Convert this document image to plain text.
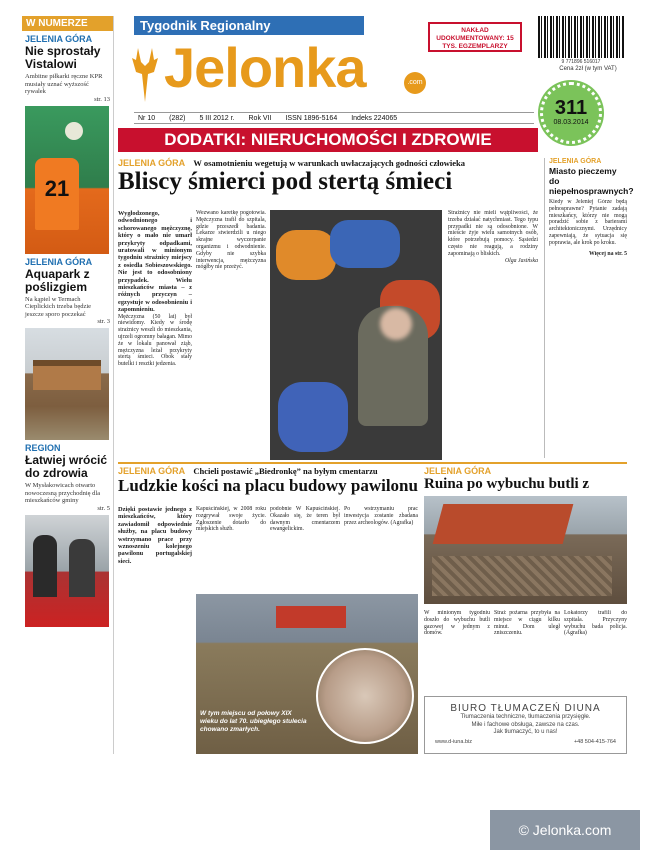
W NUMERZE
JELENIA GÓRA
Nie sprostały Vistalowi
Ambitne piłkarki ręczne KPR musiały uznać wyższość rywalek
str. 13
21
JELENIA GÓRA
Aquapark z poślizgiem
Na kąpiel w Termach Cieplickich trzeba będzie jeszcze sporo poczekać
str. 3
REGION
Łatwiej wrócić do zdrowia
W Mysłakowicach otwarto nowoczesną przychodnię dla mieszkańców gminy
str. 5
Tygodnik Regionalny
Jelonka	.com
NAKŁAD UDOKUMENTOWANY: 15 TYS. EGZEMPLARZY
9 771896 516017
Cena 2zł (w tym VAT)
311
08.03.2014
Nr 10 (282) 5 III 2012 r. Rok VII ISSN 1896-5164 Indeks 224065
DODATKI: NIERUCHOMOŚCI I ZDROWIE
JELENIA GÓRA W osamotnieniu wegetują w warunkach uwłaczających godności człowieka
Bliscy śmierci pod stertą śmieci

Wygłodzonego, odwodnionego i schorowanego mężczyznę, który o mało nie umarł przykryty odpadkami, uratowali w minionym tygodniu strażnicy miejscy z osiedla Sobieszowskiego. Nie jest to odosobniony przypadek. Wielu mieszkańców miasta – z różnych przyczyn – egzystuje w odosobnieniu i zapomnieniu.

Mężczyzna (50 lat) był niewidomy. Kiedy w środę strażnicy weszli do mieszkania, ujrzeli ogromny bałagan. Mimo że w lokalu panował ziąb, mężczyzna leżał przykryty stertą śmieci. Obok stały butelki i resztki jedzenia.

Wezwano karetkę pogotowia. Mężczyzna trafił do szpitala, gdzie przeszedł badania. Lekarze stwierdzili u niego skrajne wyczerpanie organizmu i odwodnienie. Gdyby nie szybka interwencja, mężczyzna mógłby nie przeżyć.

Strażnicy nie mieli wątpliwości, że trzeba działać natychmiast. Tego typu przypadki nie są odosobnione. W mieście żyje wielu samotnych osób, które potrzebują pomocy. Sąsiedzi często nie reagują, a rodziny zapominają o bliskich.

Olga Jasińska

JELENIA GÓRA
Miasto pieczemy do niepełnosprawnych?
Kiedy w Jeleniej Górze będą pełnosprawne? Pytanie zadają mieszkańcy, którzy nie mogą poradzić sobie z barierami architektonicznymi. Urzędnicy zapewniają, że sytuacja się poprawia, ale krok po kroku.
Więcej na str. 5
JELENIA GÓRA Chcieli postawić „Biedronkę” na byłym cmentarzu
Ludzkie kości na placu budowy pawilonu
Dzięki postawie jednego z mieszkańców, który zawiadomił odpowiednie służby, na placu budowy wstrzymano prace przy wznoszeniu kolejnego pawilonu portugalskiej sieci.
Kapuścińskiej, w 2008 roku rozgrywał swoje życie. Zgłoszenie dotarło do miejskich służb.
podobnie W Kapuścińskiej. Okazało się, że teren był dawnym cmentarzem ewangelickim.
Po wstrzymaniu prac inwestycja zostanie zbadana przez archeologów. (Agrafka)
W tym miejscu od połowy XIX wieku do lat 70. ubiegłego stulecia chowano zmarłych.
JELENIA GÓRA
Ruina po wybuchu butli z
W minionym tygodniu doszło do wybuchu butli gazowej w jednym z domów.
Straż pożarna przybyła na miejsce w ciągu kilku minut. Dom uległ zniszczeniu.
Lokatorzy trafili do szpitala. Przyczyny wybuchu bada policja. (Agrafka)
BIURO TŁUMACZEŃ DIUNA
Tłumaczenia techniczne, tłumaczenia przysięgłe.
Miłe i fachowe obsługa, zawsze na czas.
Jak tłumaczyć, to u nas!
www.d-iuna.biz	+48 504-415-764
© Jelonka.com
